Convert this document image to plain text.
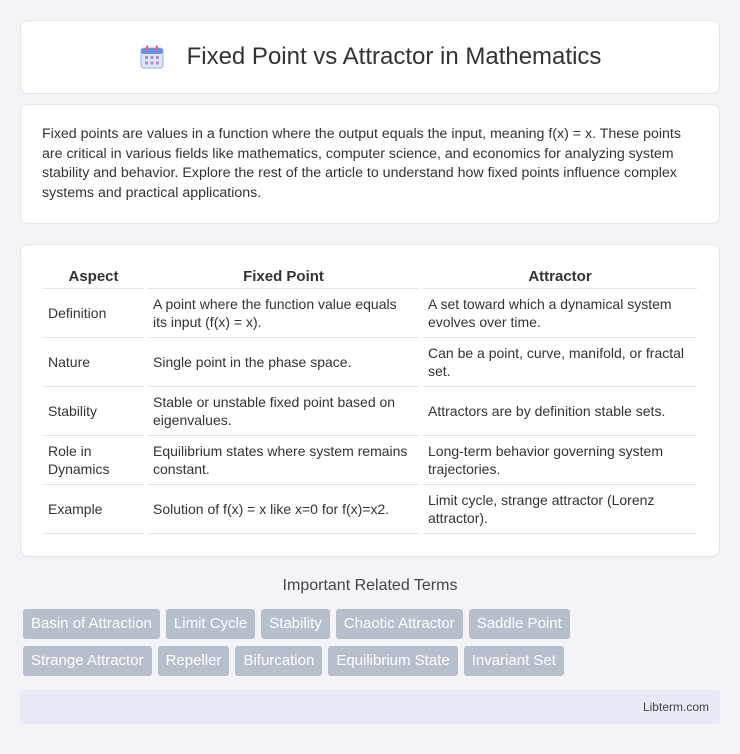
Fixed Point vs Attractor in Mathematics

Fixed points are values in a function where the output equals the input, meaning f(x) = x. These points are critical in various fields like mathematics, computer science, and economics for analyzing system stability and behavior. Explore the rest of the article to understand how fixed points influence complex systems and practical applications.

Aspect	Fixed Point	Attractor
Definition	A point where the function value equals its input (f(x) = x).	A set toward which a dynamical system evolves over time.
Nature	Single point in the phase space.	Can be a point, curve, manifold, or fractal set.
Stability	Stable or unstable fixed point based on eigenvalues.	Attractors are by definition stable sets.
Role in Dynamics	Equilibrium states where system remains constant.	Long-term behavior governing system trajectories.
Example	Solution of f(x) = x like x=0 for f(x)=x2.	Limit cycle, strange attractor (Lorenz attractor).
Important Related Terms
Basin of Attraction	Limit Cycle	Stability	Chaotic Attractor	Saddle Point
Strange Attractor	Repeller	Bifurcation	Equilibrium State	Invariant Set
Libterm.com
